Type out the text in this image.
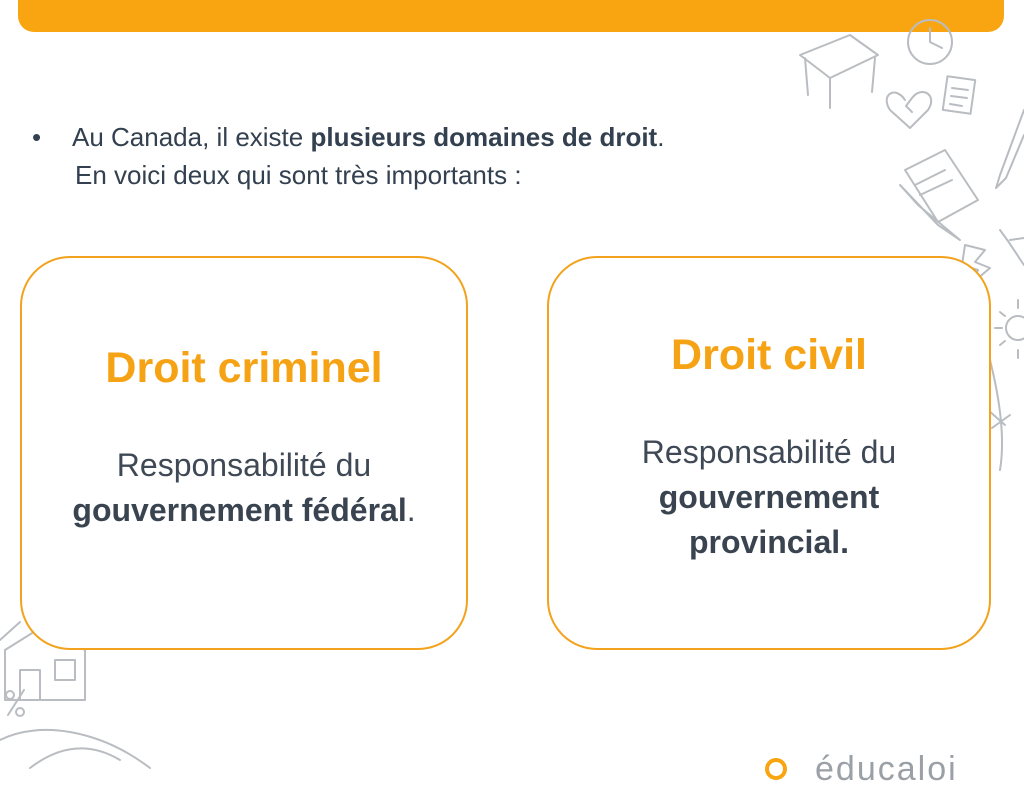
• Au Canada, il existe plusieurs domaines de droit.
En voici deux qui sont très importants :
Droit criminel
Responsabilité du
gouvernement fédéral.
Droit civil
Responsabilité du
gouvernement
provincial.
éducaloi
